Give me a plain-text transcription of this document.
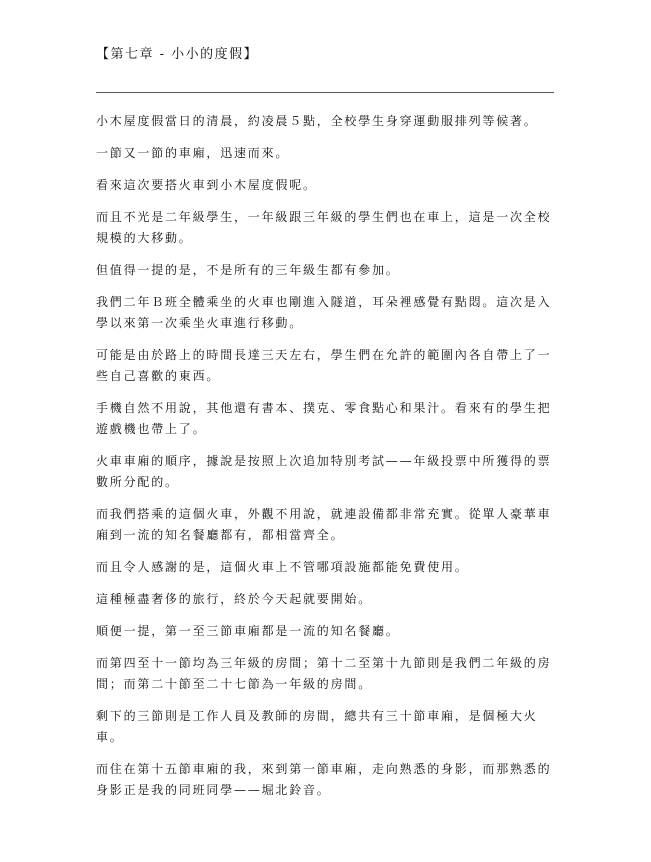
【第七章 - 小小的度假】

小木屋度假當日的清晨，約凌晨５點，全校學生身穿運動服排列等候著。

一節又一節的車廂，迅速而來。

看來這次要搭火車到小木屋度假呢。

而且不光是二年級學生，一年級跟三年級的學生們也在車上，這是一次全校規模的大移動。

但值得一提的是，不是所有的三年級生都有參加。

我們二年Ｂ班全體乘坐的火車也剛進入隧道，耳朵裡感覺有點悶。這次是入學以來第一次乘坐火車進行移動。

可能是由於路上的時間長達三天左右，學生們在允許的範圍內各自帶上了一些自己喜歡的東西。

手機自然不用說，其他還有書本、撲克、零食點心和果汁。看來有的學生把遊戲機也帶上了。

火車車廂的順序，據說是按照上次追加特別考試——年級投票中所獲得的票數所分配的。

而我們搭乘的這個火車，外觀不用說，就連設備都非常充實。從單人豪華車廂到一流的知名餐廳都有，都相當齊全。

而且令人感謝的是，這個火車上不管哪項設施都能免費使用。

這種極盡奢侈的旅行，終於今天起就要開始。

順便一提，第一至三節車廂都是一流的知名餐廳。

而第四至十一節均為三年級的房間；第十二至第十九節則是我們二年級的房間；而第二十節至二十七節為一年級的房間。

剩下的三節則是工作人員及教師的房間，總共有三十節車廂，是個極大火車。

而住在第十五節車廂的我，來到第一節車廂，走向熟悉的身影，而那熟悉的身影正是我的同班同學——堀北鈴音。
